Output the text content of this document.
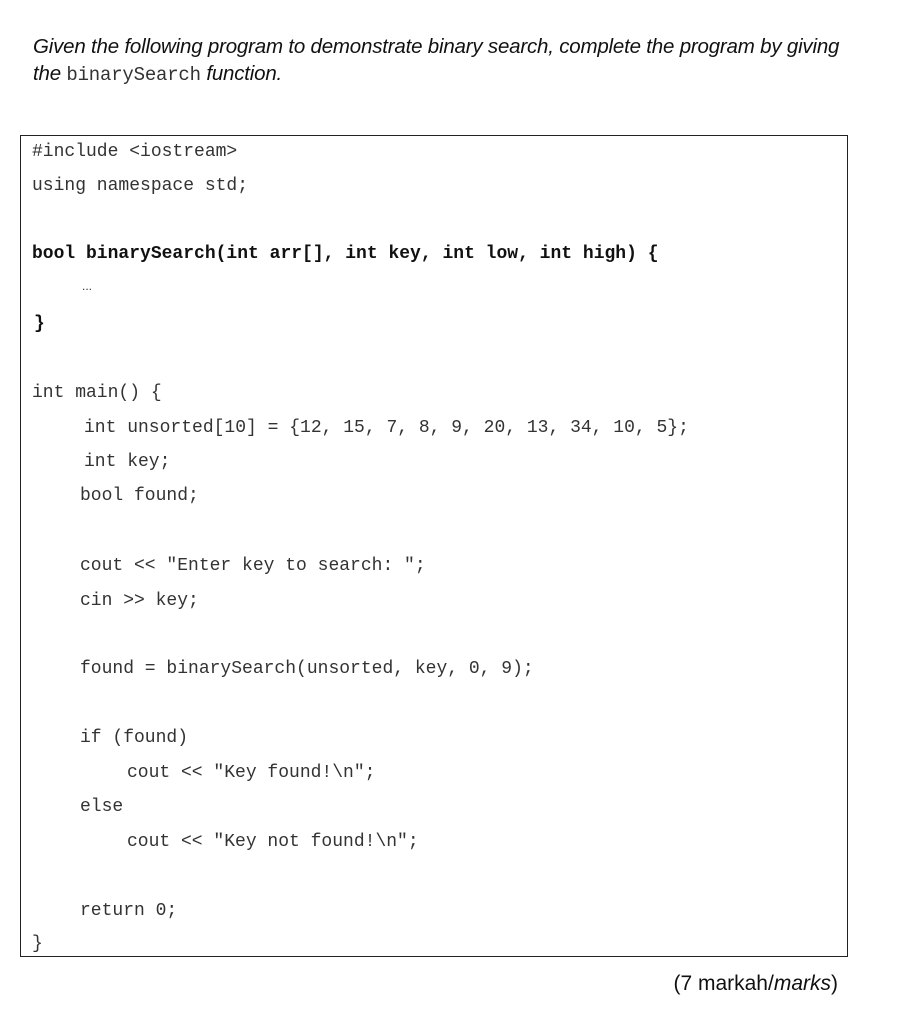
Given the following program to demonstrate binary search, complete the program by giving the binarySearch function.
#include <iostream>
using namespace std;
bool binarySearch(int arr[], int key, int low, int high) {
...
}
int main() {
int unsorted[10] = {12, 15, 7, 8, 9, 20, 13, 34, 10, 5};
int key;
bool found;
cout << "Enter key to search: ";
cin >> key;
found = binarySearch(unsorted, key, 0, 9);
if (found)
cout << "Key found!\n";
else
cout << "Key not found!\n";
return 0;
}
(7 markah/marks)
